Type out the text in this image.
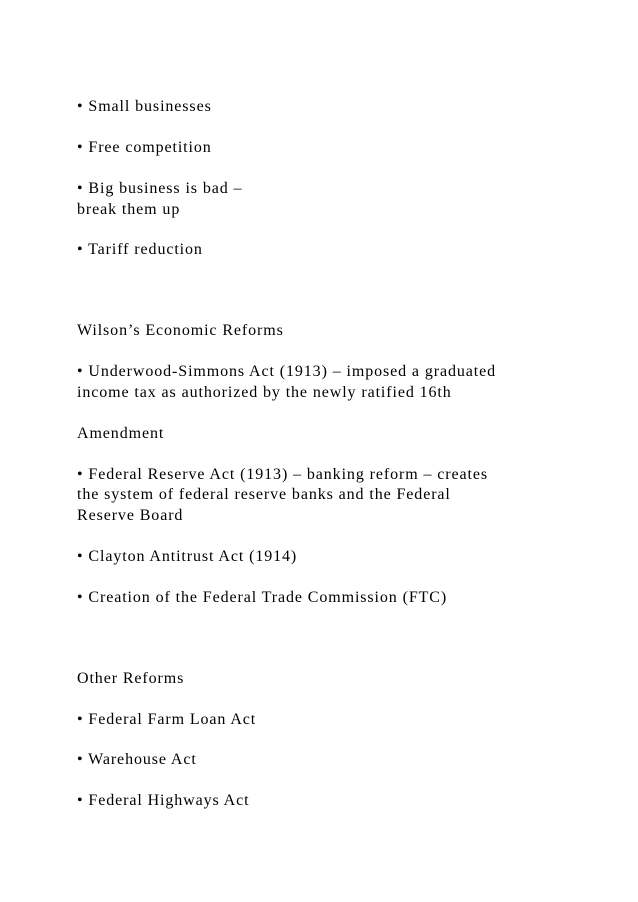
• Small businesses

• Free competition

• Big business is bad –

break them up

• Tariff reduction

Wilson’s Economic Reforms

• Underwood-Simmons Act (1913) – imposed a graduated

income tax as authorized by the newly ratified 16th

Amendment

• Federal Reserve Act (1913) – banking reform – creates

the system of federal reserve banks and the Federal

Reserve Board

• Clayton Antitrust Act (1914)

• Creation of the Federal Trade Commission (FTC)

Other Reforms

• Federal Farm Loan Act

• Warehouse Act

• Federal Highways Act
